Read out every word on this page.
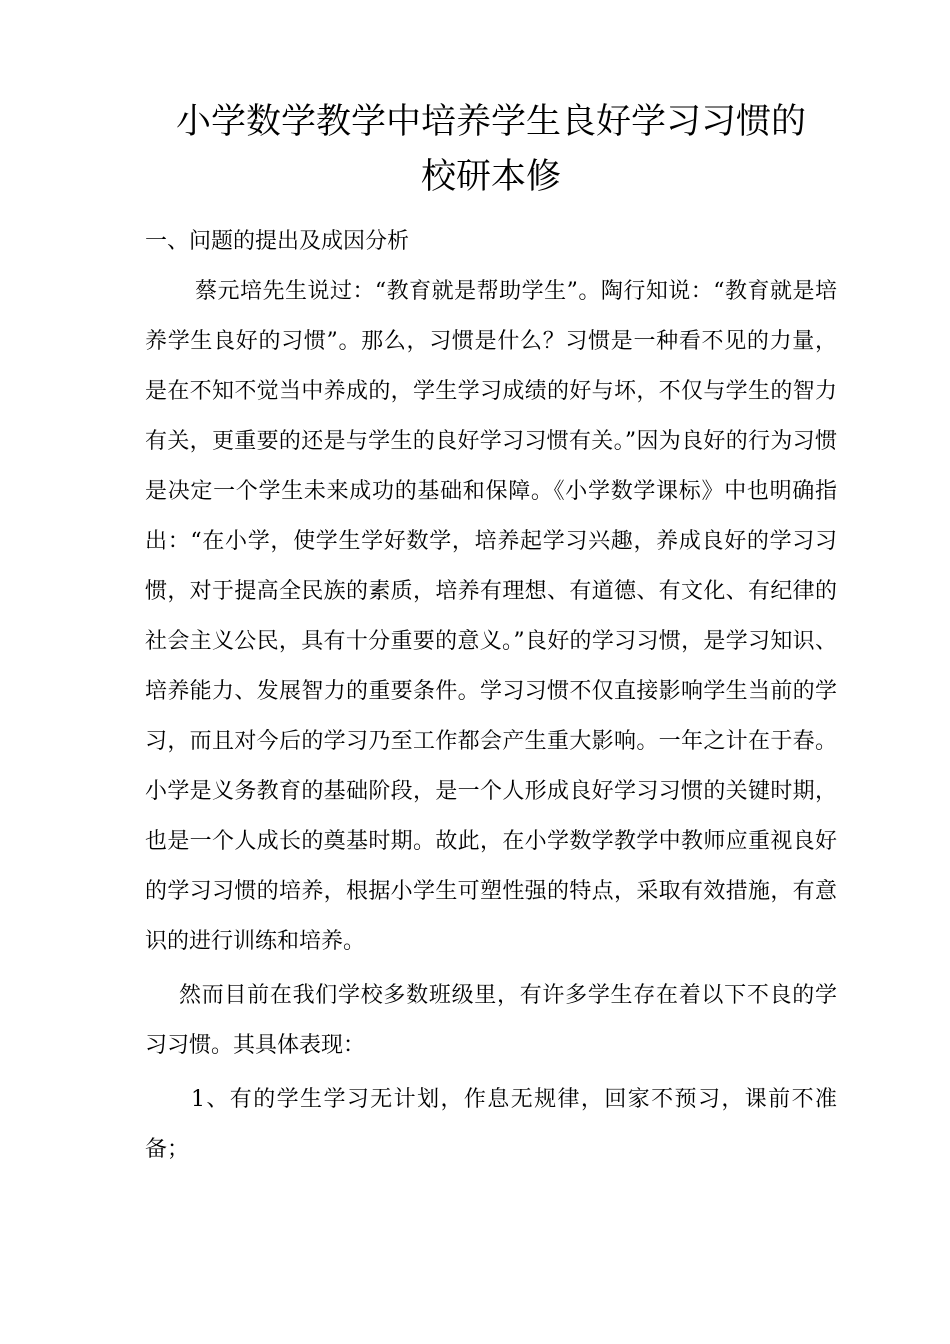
小学数学教学中培养学生良好学习习惯的
校研本修

一、问题的提出及成因分析

蔡元培先生说过：“教育就是帮助学生”。陶行知说：“教育就是培养学生良好的习惯”。那么，习惯是什么？习惯是一种看不见的力量，是在不知不觉当中养成的，学生学习成绩的好与坏，不仅与学生的智力有关，更重要的还是与学生的良好学习习惯有关。”因为良好的行为习惯是决定一个学生未来成功的基础和保障。《小学数学课标》中也明确指出：“在小学，使学生学好数学，培养起学习兴趣，养成良好的学习习惯，对于提高全民族的素质，培养有理想、有道德、有文化、有纪律的社会主义公民，具有十分重要的意义。”良好的学习习惯，是学习知识、培养能力、发展智力的重要条件。学习习惯不仅直接影响学生当前的学习，而且对今后的学习乃至工作都会产生重大影响。一年之计在于春。小学是义务教育的基础阶段，是一个人形成良好学习习惯的关键时期，也是一个人成长的奠基时期。故此，在小学数学教学中教师应重视良好的学习习惯的培养，根据小学生可塑性强的特点，采取有效措施，有意识的进行训练和培养。

然而目前在我们学校多数班级里，有许多学生存在着以下不良的学习习惯。其具体表现：

1、有的学生学习无计划，作息无规律，回家不预习，课前不准备；
